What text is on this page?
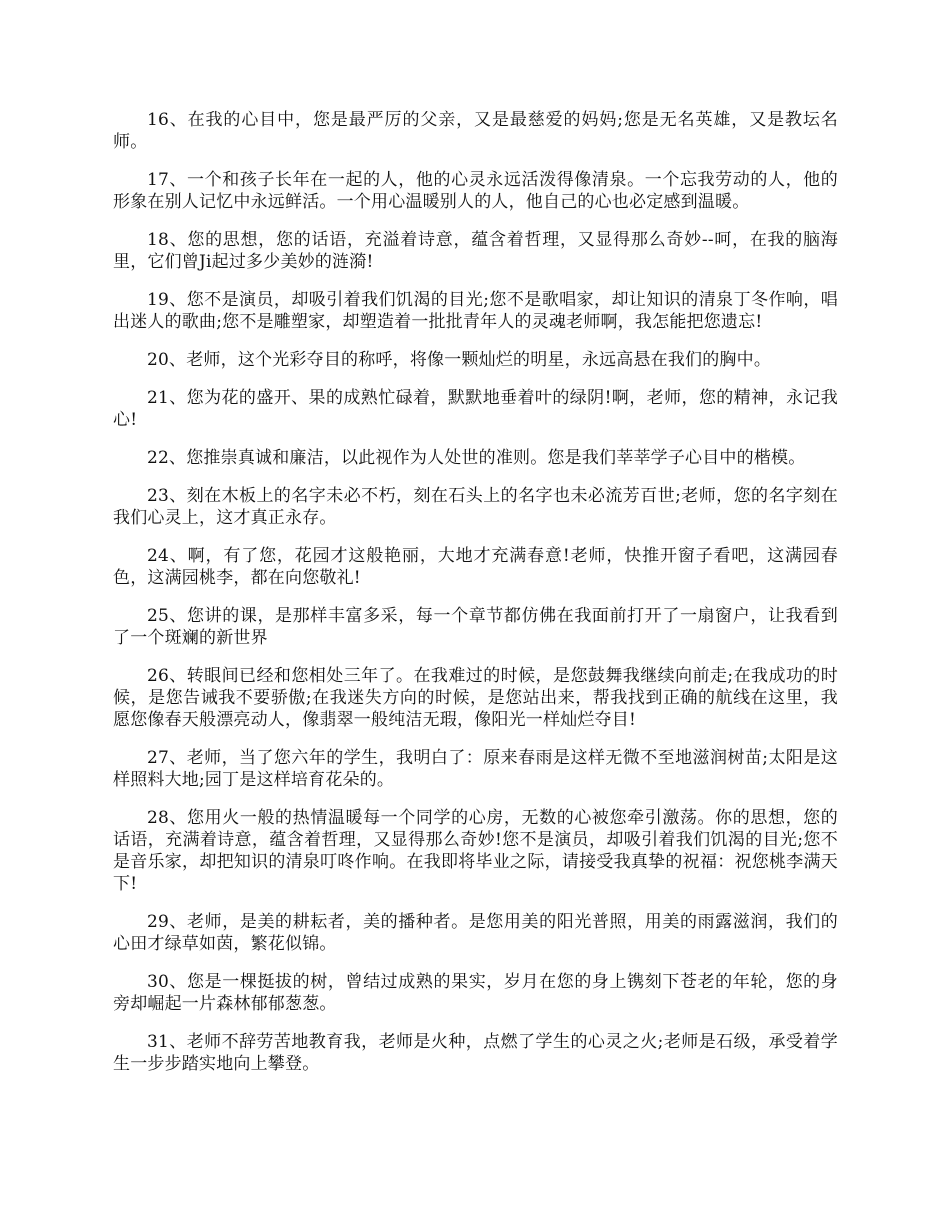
16、在我的心目中，您是最严厉的父亲，又是最慈爱的妈妈;您是无名英雄，又是教坛名师。

17、一个和孩子长年在一起的人，他的心灵永远活泼得像清泉。一个忘我劳动的人，他的形象在别人记忆中永远鲜活。一个用心温暖别人的人，他自己的心也必定感到温暖。

18、您的思想，您的话语，充溢着诗意，蕴含着哲理，又显得那么奇妙--呵，在我的脑海里，它们曾Ji起过多少美妙的涟漪!

19、您不是演员，却吸引着我们饥渴的目光;您不是歌唱家，却让知识的清泉丁冬作响，唱出迷人的歌曲;您不是雕塑家，却塑造着一批批青年人的灵魂老师啊，我怎能把您遗忘!

20、老师，这个光彩夺目的称呼，将像一颗灿烂的明星，永远高悬在我们的胸中。

21、您为花的盛开、果的成熟忙碌着，默默地垂着叶的绿阴!啊，老师，您的精神，永记我心!

22、您推崇真诚和廉洁，以此视作为人处世的准则。您是我们莘莘学子心目中的楷模。

23、刻在木板上的名字未必不朽，刻在石头上的名字也未必流芳百世;老师，您的名字刻在我们心灵上，这才真正永存。

24、啊，有了您，花园才这般艳丽，大地才充满春意!老师，快推开窗子看吧，这满园春色，这满园桃李，都在向您敬礼!

25、您讲的课，是那样丰富多采，每一个章节都仿佛在我面前打开了一扇窗户，让我看到了一个斑斓的新世界

26、转眼间已经和您相处三年了。在我难过的时候，是您鼓舞我继续向前走;在我成功的时候，是您告诫我不要骄傲;在我迷失方向的时候，是您站出来，帮我找到正确的航线在这里，我愿您像春天般漂亮动人，像翡翠一般纯洁无瑕，像阳光一样灿烂夺目!

27、老师，当了您六年的学生，我明白了：原来春雨是这样无微不至地滋润树苗;太阳是这样照料大地;园丁是这样培育花朵的。

28、您用火一般的热情温暖每一个同学的心房，无数的心被您牵引激荡。你的思想，您的话语，充满着诗意，蕴含着哲理，又显得那么奇妙!您不是演员，却吸引着我们饥渴的目光;您不是音乐家，却把知识的清泉叮咚作响。在我即将毕业之际，请接受我真挚的祝福：祝您桃李满天下!

29、老师，是美的耕耘者，美的播种者。是您用美的阳光普照，用美的雨露滋润，我们的心田才绿草如茵，繁花似锦。

30、您是一棵挺拔的树，曾结过成熟的果实，岁月在您的身上镌刻下苍老的年轮，您的身旁却崛起一片森林郁郁葱葱。

31、老师不辞劳苦地教育我，老师是火种，点燃了学生的心灵之火;老师是石级，承受着学生一步步踏实地向上攀登。
